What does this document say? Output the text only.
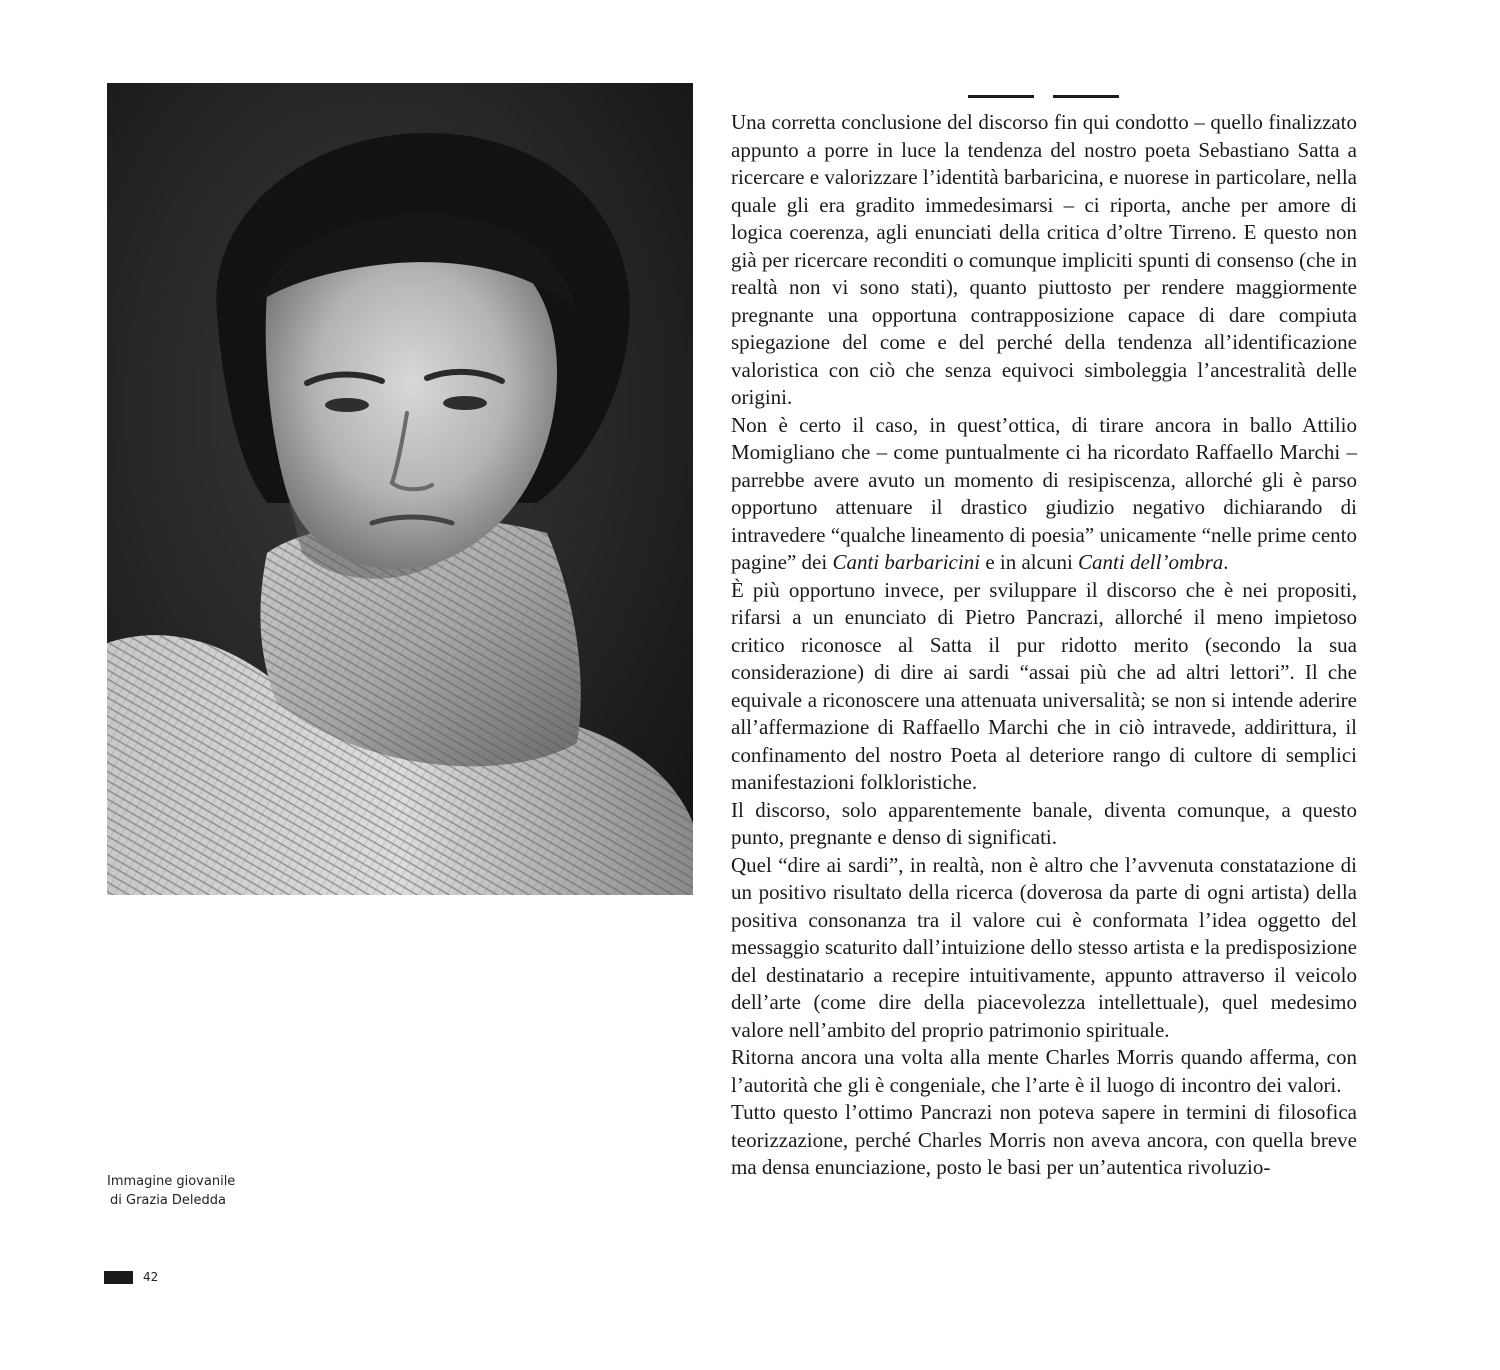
Immagine giovanile
di Grazia Deledda

Una corretta conclusione del discorso fin qui condotto – quello finalizzato appunto a porre in luce la tendenza del nostro poeta Sebastiano Satta a ricercare e valorizzare l’identità barbaricina, e nuorese in particolare, nella quale gli era gradito immedesimarsi – ci riporta, anche per amore di logica coerenza, agli enunciati della critica d’oltre Tirreno. E questo non già per ricercare reconditi o comunque impliciti spunti di consenso (che in realtà non vi sono stati), quanto piuttosto per rendere maggiormente pregnante una opportuna contrapposizione capace di dare compiuta spiegazione del come e del perché della tendenza all’identificazione valoristica con ciò che senza equivoci simboleggia l’ancestralità delle origini.

Non è certo il caso, in quest’ottica, di tirare ancora in ballo Attilio Momigliano che – come puntualmente ci ha ricordato Raffaello Marchi – parrebbe avere avuto un momento di resipiscenza, allorché gli è parso opportuno attenuare il drastico giudizio negativo dichiarando di intravedere “qualche lineamento di poesia” unicamente “nelle prime cento pagine” dei Canti barbaricini e in alcuni Canti dell’ombra.

È più opportuno invece, per sviluppare il discorso che è nei propositi, rifarsi a un enunciato di Pietro Pancrazi, allorché il meno impietoso critico riconosce al Satta il pur ridotto merito (secondo la sua considerazione) di dire ai sardi “assai più che ad altri lettori”. Il che equivale a riconoscere una attenuata universalità; se non si intende aderire all’affermazione di Raffaello Marchi che in ciò intravede, addirittura, il confinamento del nostro Poeta al deteriore rango di cultore di semplici manifestazioni folkloristiche.

Il discorso, solo apparentemente banale, diventa comunque, a questo punto, pregnante e denso di significati.

Quel “dire ai sardi”, in realtà, non è altro che l’avvenuta constatazione di un positivo risultato della ricerca (doverosa da parte di ogni artista) della positiva consonanza tra il valore cui è conformata l’idea oggetto del messaggio scaturito dall’intuizione dello stesso artista e la predisposizione del destinatario a recepire intuitivamente, appunto attraverso il veicolo dell’arte (come dire della piacevolezza intellettuale), quel medesimo valore nell’ambito del proprio patrimonio spirituale.

Ritorna ancora una volta alla mente Charles Morris quando afferma, con l’autorità che gli è congeniale, che l’arte è il luogo di incontro dei valori.

Tutto questo l’ottimo Pancrazi non poteva sapere in termini di filosofica teorizzazione, perché Charles Morris non aveva ancora, con quella breve ma densa enunciazione, posto le basi per un’autentica rivoluzio-

42
